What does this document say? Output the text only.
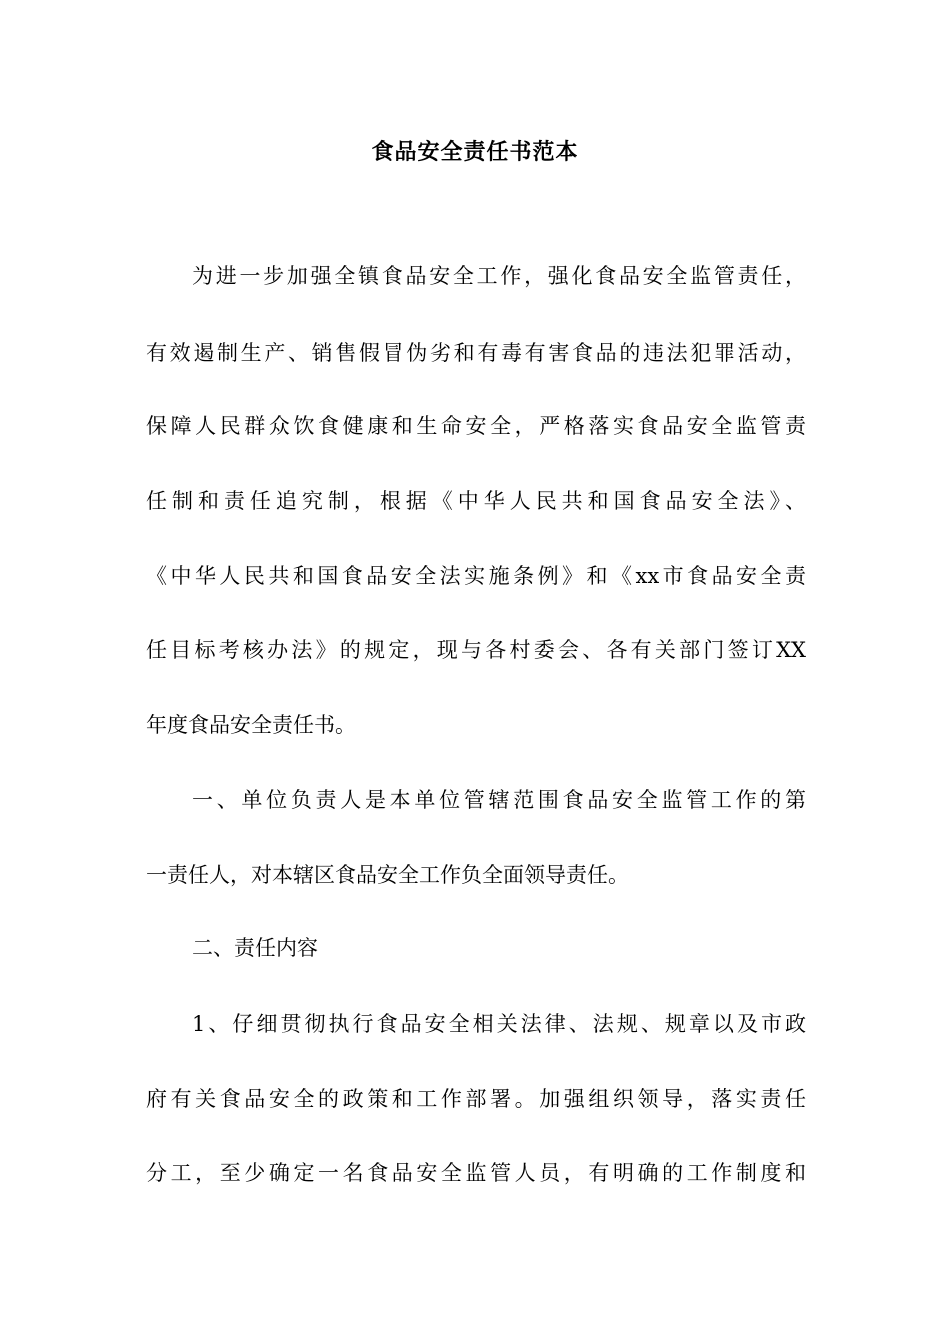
食品安全责任书范本
为进一步加强全镇食品安全工作，强化食品安全监管责任，
有效遏制生产、销售假冒伪劣和有毒有害食品的违法犯罪活动，
保障人民群众饮食健康和生命安全，严格落实食品安全监管责
任制和责任追究制，根据《中华人民共和国食品安全法》、
《中华人民共和国食品安全法实施条例》和《xx市食品安全责
任目标考核办法》的规定，现与各村委会、各有关部门签订XX
年度食品安全责任书。
一、单位负责人是本单位管辖范围食品安全监管工作的第
一责任人，对本辖区食品安全工作负全面领导责任。
二、责任内容
1、仔细贯彻执行食品安全相关法律、法规、规章以及市政
府有关食品安全的政策和工作部署。加强组织领导，落实责任
分工，至少确定一名食品安全监管人员，有明确的工作制度和
